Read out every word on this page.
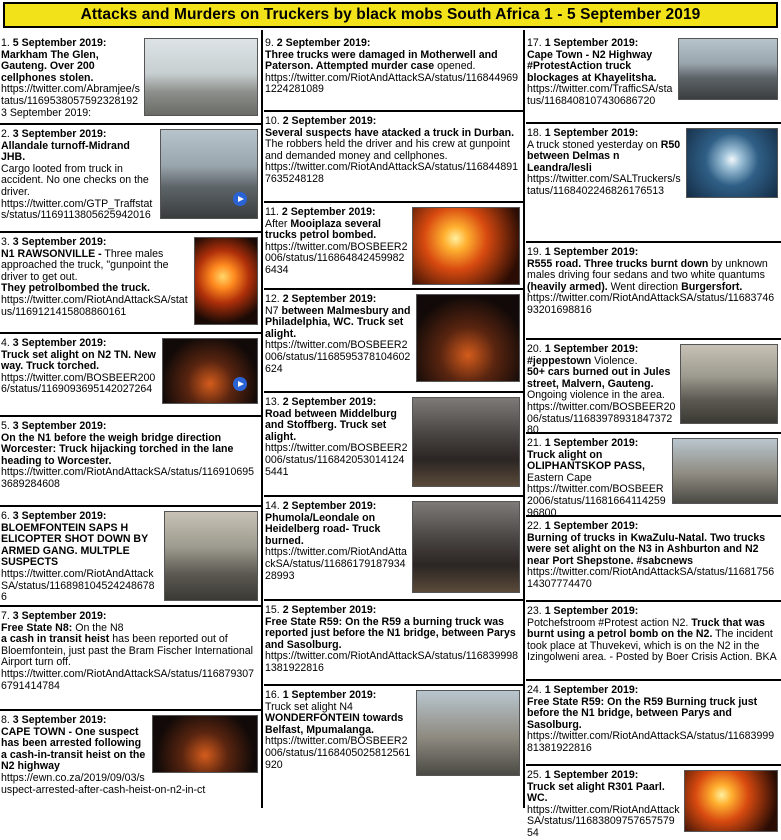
Attacks and Murders on Truckers by black mobs South Africa 1 - 5 September 2019

1. 5 September 2019:

Markham The Glen, Gauteng. Over 200 cellphones stolen.

https://twitter.com/Abramjee/status/1169538057592328192 3 September 2019:

2. 3 September 2019:

Allandale turnoff-Midrand JHB.

Cargo looted from truck in accident. No one checks on the driver. https://twitter.com/GTP_Traffstats/status/1169113805625942016

3. 3 September 2019:

N1 RAWSONVILLE - Three males approached the truck, "gunpoint the driver to get out.

They petrolbombed the truck.

https://twitter.com/RiotAndAttackSA/status/1169121415808860161

4. 3 September 2019:

Truck set alight on N2 TN. New way. Truck torched.

https://twitter.com/BOSBEER2006/status/1169093695142027264

5. 3 September 2019:

On the N1 before the weigh bridge direction Worcester: Truck hijacking torched in the lane heading to Worcester.

https://twitter.com/RiotAndAttackSA/status/1169106953689284608

6. 3 September 2019:

BLOEMFONTEIN SAPS H ELICOPTER SHOT DOWN BY ARMED GANG. MULTPLE SUSPECTS

https://twitter.com/RiotAndAttackSA/status/1168981045242486786

7. 3 September 2019:

Free State N8: On the N8

a cash in transit heist has been reported out of Bloemfontein, just past the Bram Fischer International Airport turn off. https://twitter.com/RiotAndAttackSA/status/1168793076791414784

8. 3 September 2019:

CAPE TOWN - One suspect has been arrested following a cash-in-transit heist on the N2 highway

https://ewn.co.za/2019/09/03/suspect-arrested-after-cash-heist-on-n2-in-ct

9. 2 September 2019:

Three trucks were damaged in Motherwell and Paterson. Attempted murder case opened. https://twitter.com/RiotAndAttackSA/status/1168449691224281089

10. 2 September 2019:

Several suspects have atacked a truck in Durban. The robbers held the driver and his crew at gunpoint and demanded money and cellphones. https://twitter.com/RiotAndAttackSA/status/1168448917635248128

11. 2 September 2019:

After Mooiplaza several trucks petrol bombed.

https://twitter.com/BOSBEER2006/status/1168648424599826434

12. 2 September 2019:

N7 between Malmesbury and Philadelphia, WC. Truck set alight.

https://twitter.com/BOSBEER2006/status/1168595378104602624

13. 2 September 2019:

Road between Middelburg and Stoffberg. Truck set alight.

https://twitter.com/BOSBEER2006/status/1168420530141245441

14. 2 September 2019:

Phumola/Leondale on Heidelberg road- Truck burned.

https://twitter.com/RiotAndAttackSA/status/1168617918793428993

15. 2 September 2019:

Free State R59: On the R59 a burning truck was reported just before the N1 bridge, between Parys and Sasolburg.

https://twitter.com/RiotAndAttackSA/status/1168399981381922816

16. 1 September 2019:

Truck set alight N4 WONDERFONTEIN towards Belfast, Mpumalanga.

https://twitter.com/BOSBEER2006/status/1168405025812561920

17. 1 September 2019:

Cape Town - N2 Highway #ProtestAction truck blockages at Khayelitsha.

https://twitter.com/TrafficSA/status/1168408107430686720

18. 1 September 2019:

A truck stoned yesterday on R50 between Delmas n Leandra/lesli

https://twitter.com/SALTruckers/status/1168402246826176513

19. 1 September 2019:

R555 road. Three trucks burnt down by unknown males driving four sedans and two white quantums (heavily armed). Went direction Burgersfort.

https://twitter.com/RiotAndAttackSA/status/1168374693201698816

20. 1 September 2019:

#jeppestown Violence.

50+ cars burned out in Jules street, Malvern, Gauteng.

Ongoing violence in the area. https://twitter.com/BOSBEER2006/status/1168397893184737280

21. 1 September 2019:

Truck alight on OLIPHANTSKOP PASS,

Eastern Cape https://twitter.com/BOSBEER2006/status/1168166411425996800

22. 1 September 2019:

Burning of trucks in KwaZulu-Natal. Two trucks were set alight on the N3 in Ashburton and N2 near Port Shepstone. #sabcnews

https://twitter.com/RiotAndAttackSA/status/1168175614307774470

23. 1 September 2019:

Potchefstroom #Protest action N2. Truck that was burnt using a petrol bomb on the N2. The incident took place at Thuvekevi, which is on the N2 in the Izingolweni area. - Posted by Boer Crisis Action. BKA

24. 1 September 2019:

Free State R59: On the R59 Burning truck just before the N1 bridge, between Parys and Sasolburg.

https://twitter.com/RiotAndAttackSA/status/1168399981381922816

25. 1 September 2019:

Truck set alight R301 Paarl. WC.

https://twitter.com/RiotAndAttackSA/status/1168380975765757954
